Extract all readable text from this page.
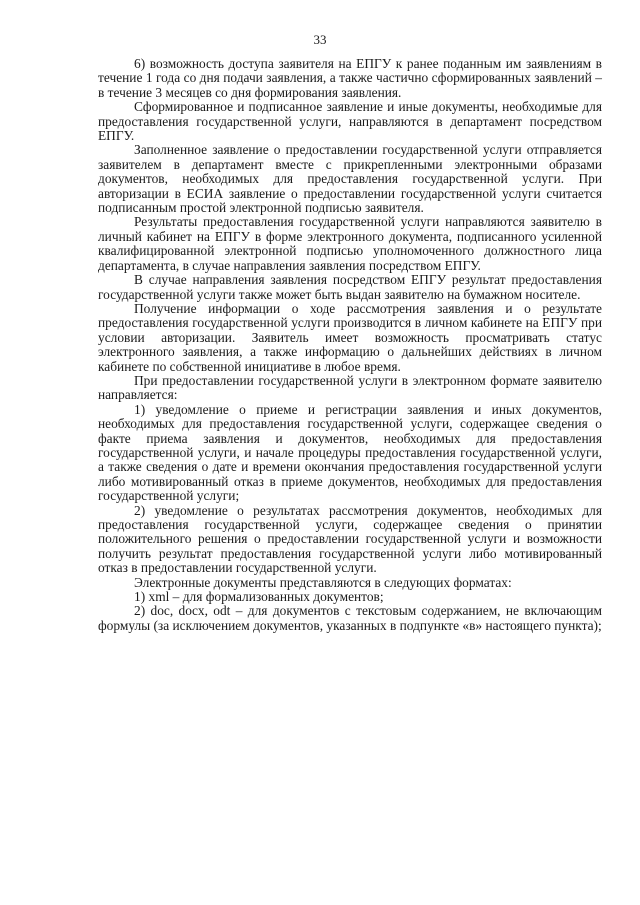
33

6) возможность доступа заявителя на ЕПГУ к ранее поданным им заявлениям в течение 1 года со дня подачи заявления, а также частично сформированных заявлений – в течение 3 месяцев со дня формирования заявления.

Сформированное и подписанное заявление и иные документы, необходимые для предоставления государственной услуги, направляются в департамент посредством ЕПГУ.

Заполненное заявление о предоставлении государственной услуги отправляется заявителем в департамент вместе с прикрепленными электронными образами документов, необходимых для предоставления государственной услуги. При авторизации в ЕСИА заявление о предоставлении государственной услуги считается подписанным простой электронной подписью заявителя.

Результаты предоставления государственной услуги направляются заявителю в личный кабинет на ЕПГУ в форме электронного документа, подписанного усиленной квалифицированной электронной подписью уполномоченного должностного лица департамента, в случае направления заявления посредством ЕПГУ.

В случае направления заявления посредством ЕПГУ результат предоставления государственной услуги также может быть выдан заявителю на бумажном носителе.

Получение информации о ходе рассмотрения заявления и о результате предоставления государственной услуги производится в личном кабинете на ЕПГУ при условии авторизации. Заявитель имеет возможность просматривать статус электронного заявления, а также информацию о дальнейших действиях в личном кабинете по собственной инициативе в любое время.

При предоставлении государственной услуги в электронном формате заявителю направляется:

1) уведомление о приеме и регистрации заявления и иных документов, необходимых для предоставления государственной услуги, содержащее сведения о факте приема заявления и документов, необходимых для предоставления государственной услуги, и начале процедуры предоставления государственной услуги, а также сведения о дате и времени окончания предоставления государственной услуги либо мотивированный отказ в приеме документов, необходимых для предоставления государственной услуги;

2) уведомление о результатах рассмотрения документов, необходимых для предоставления государственной услуги, содержащее сведения о принятии положительного решения о предоставлении государственной услуги и возможности получить результат предоставления государственной услуги либо мотивированный отказ в предоставлении государственной услуги.

Электронные документы представляются в следующих форматах:

1) xml – для формализованных документов;

2) doc, docx, odt – для документов с текстовым содержанием, не включающим формулы (за исключением документов, указанных в подпункте «в» настоящего пункта);
